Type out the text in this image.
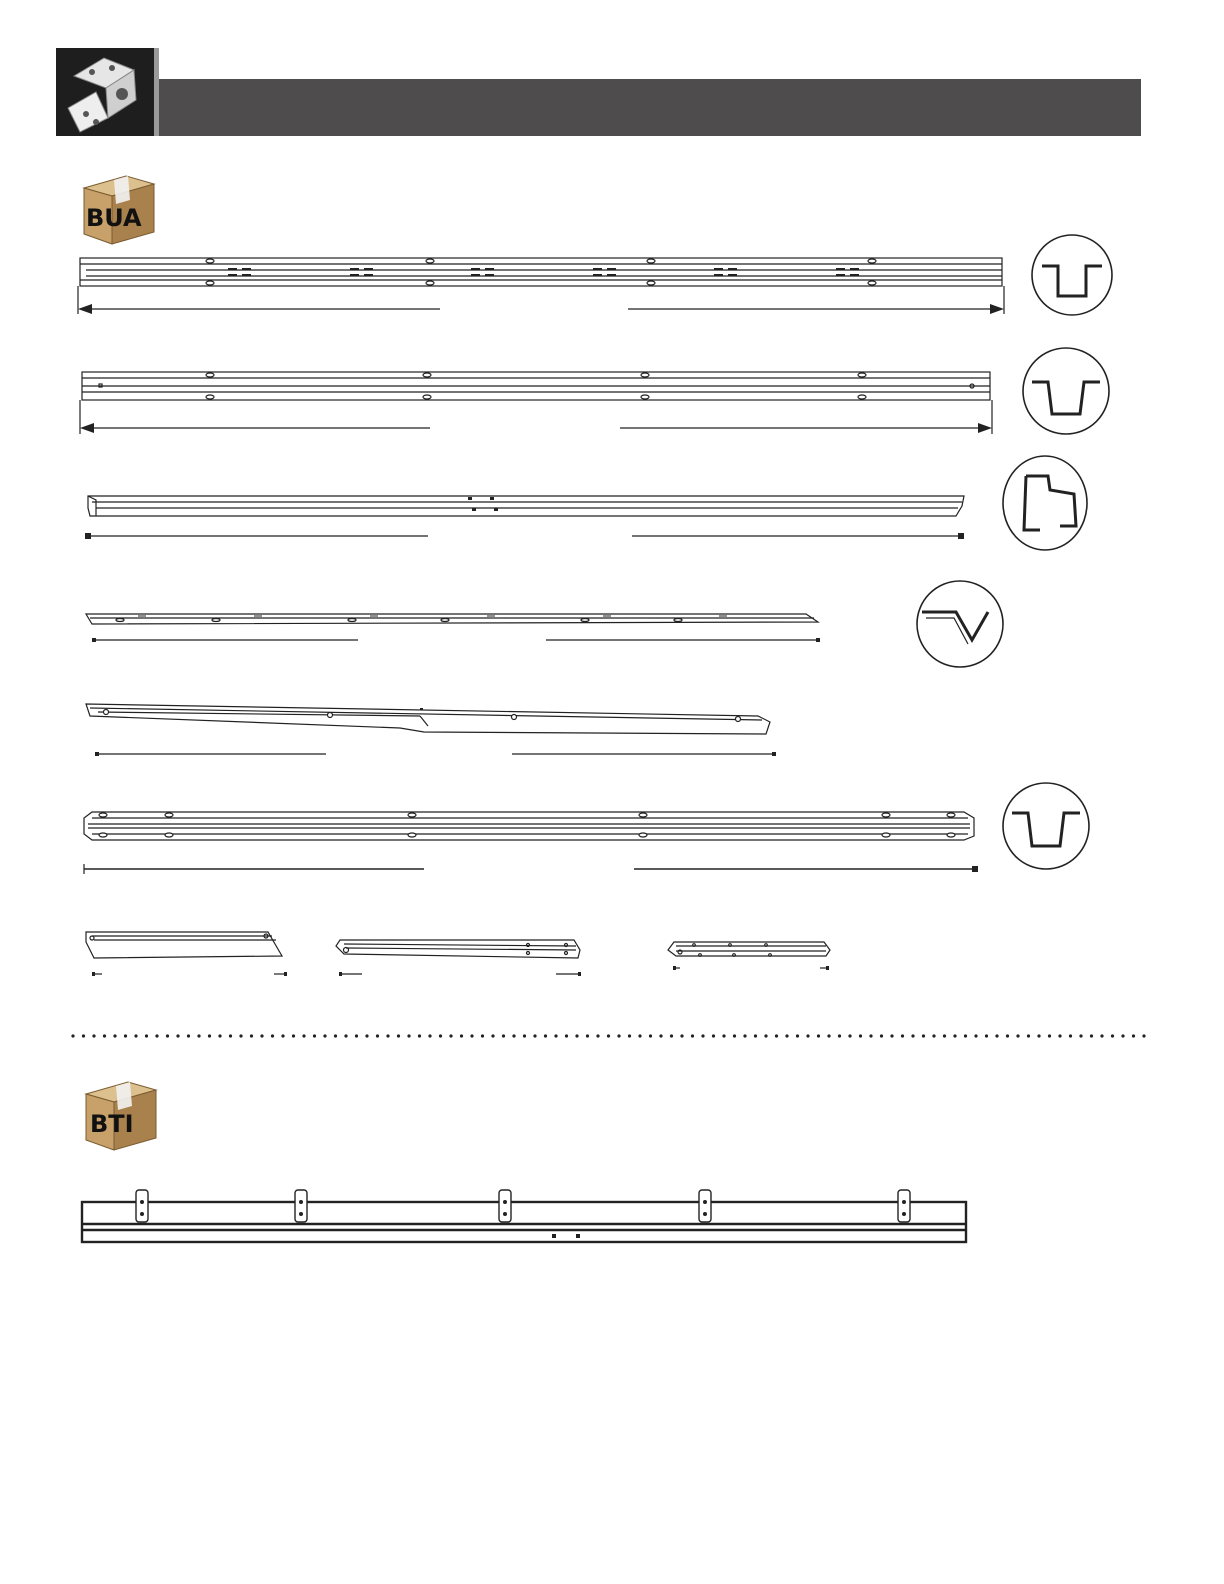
BUA
BTI
